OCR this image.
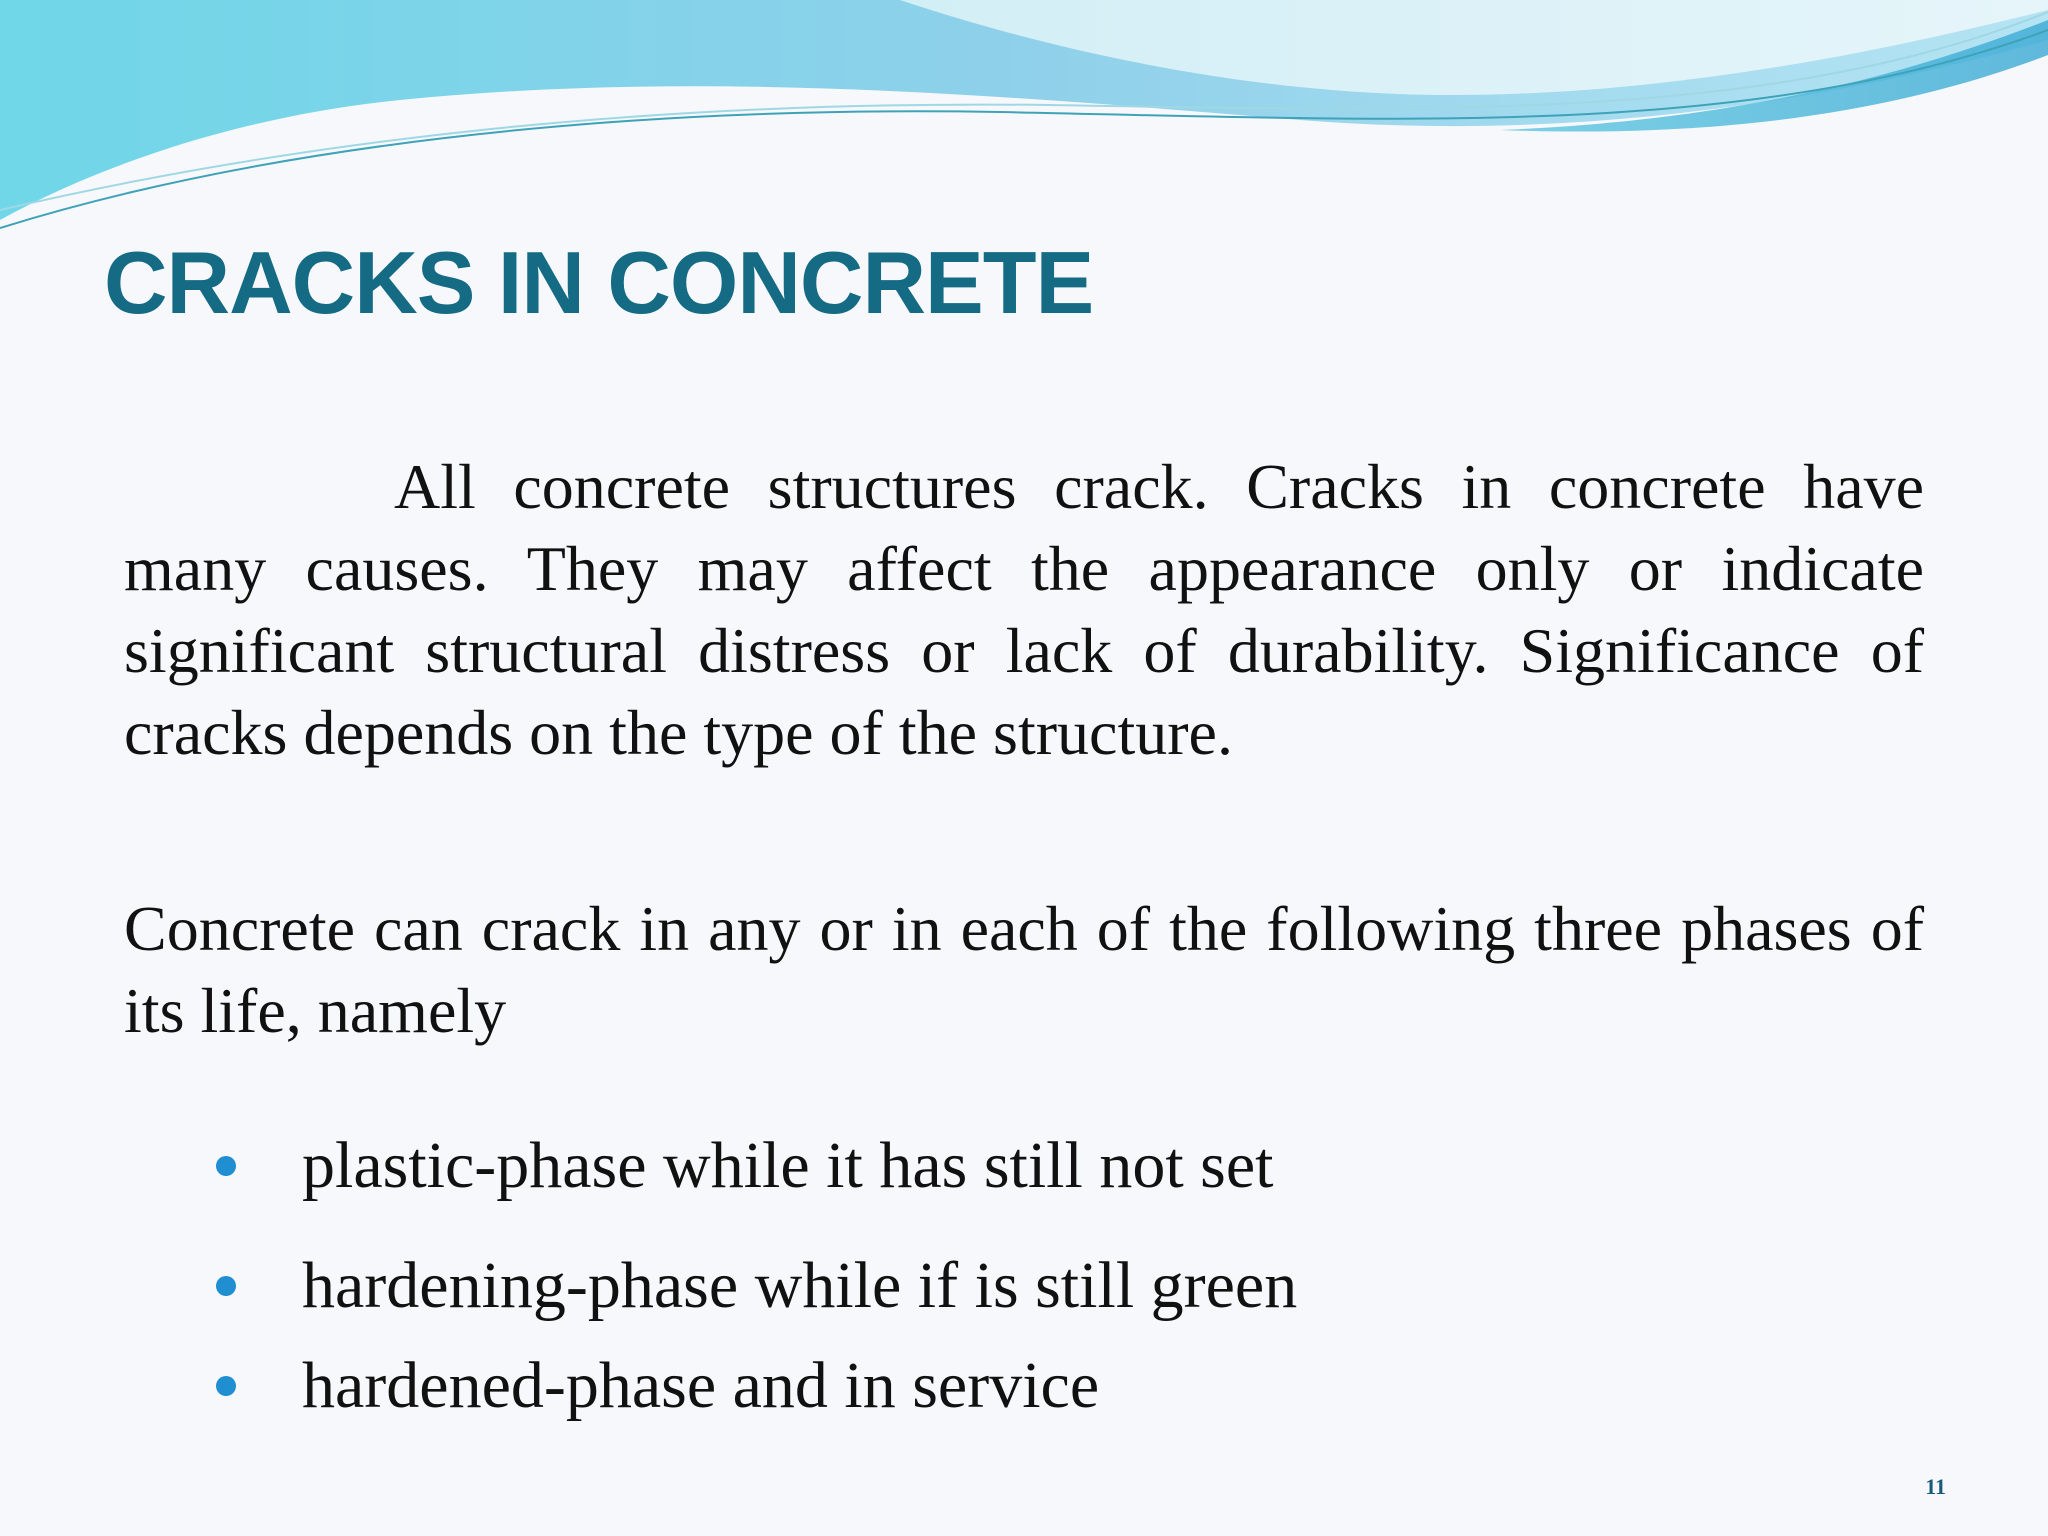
CRACKS IN CONCRETE
All concrete structures crack. Cracks in concrete have many causes. They may affect the appearance only or indicate significant structural distress or lack of durability. Significance of cracks depends on the type of the structure.
Concrete can crack in any or in each of the following three phases of its life, namely
plastic-phase while it has still not set
hardening-phase while if is still green
hardened-phase and in service
11
